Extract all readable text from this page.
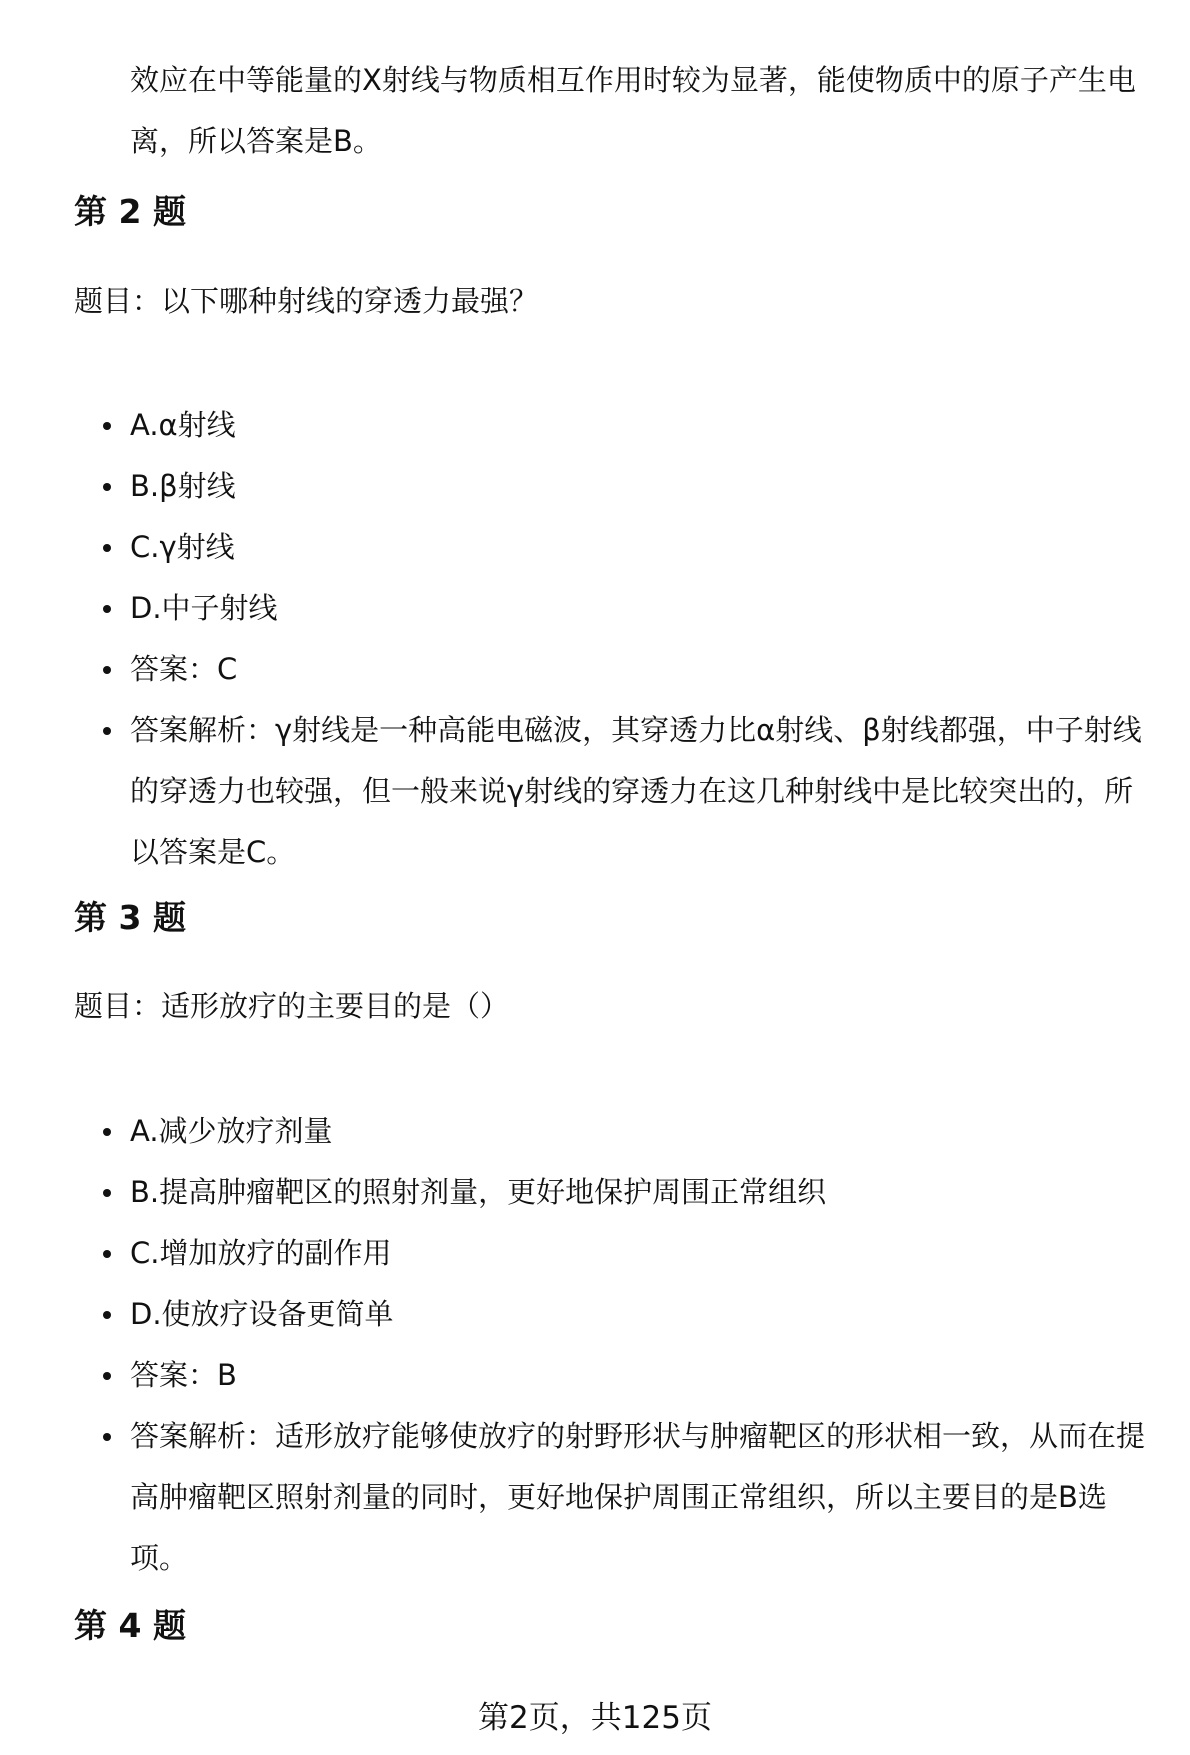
效应在中等能量的X射线与物质相互作用时较为显著，能使物质中的原子产生电离，所以答案是B。

第 2 题

题目：以下哪种射线的穿透力最强？

A.α射线
B.β射线
C.γ射线
D.中子射线
答案：C
答案解析：γ射线是一种高能电磁波，其穿透力比α射线、β射线都强，中子射线的穿透力也较强，但一般来说γ射线的穿透力在这几种射线中是比较突出的，所以答案是C。
第 3 题

题目：适形放疗的主要目的是（）

A.减少放疗剂量
B.提高肿瘤靶区的照射剂量，更好地保护周围正常组织
C.增加放疗的副作用
D.使放疗设备更简单
答案：B
答案解析：适形放疗能够使放疗的射野形状与肿瘤靶区的形状相一致，从而在提高肿瘤靶区照射剂量的同时，更好地保护周围正常组织，所以主要目的是B选项。
第 4 题
第2页，共125页
